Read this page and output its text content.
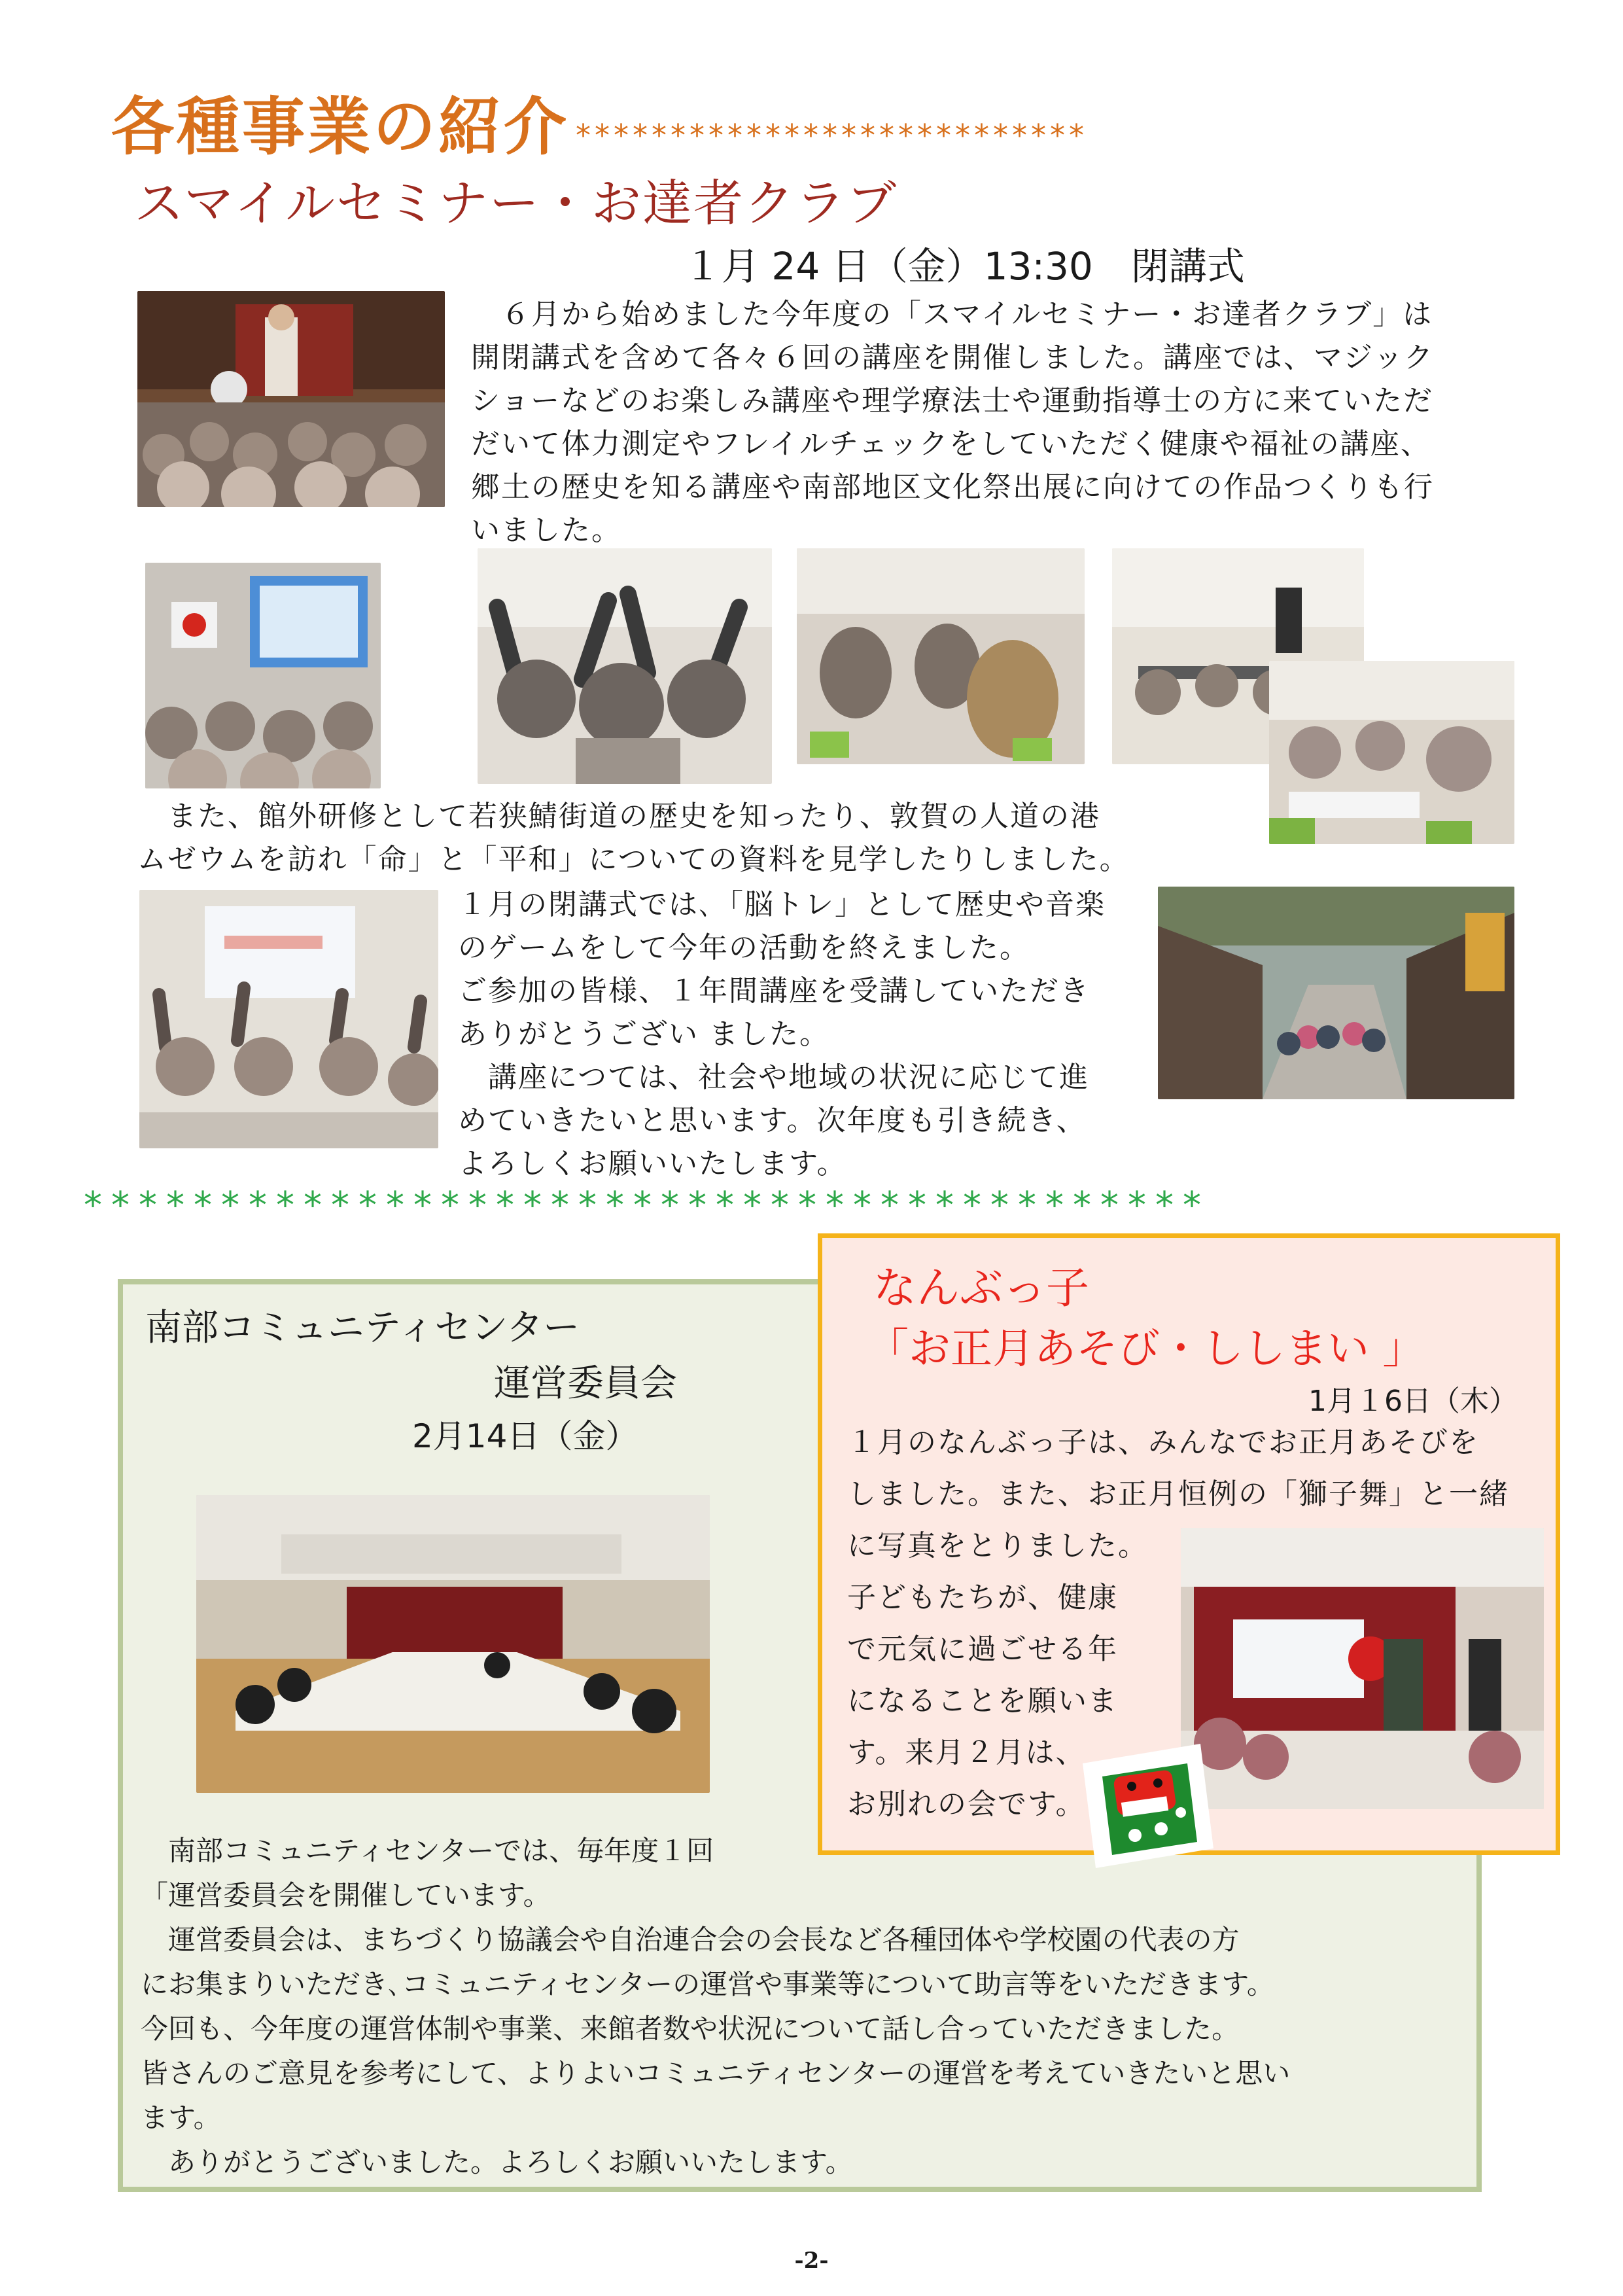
各種事業の紹介 ***************************
スマイルセミナー・お達者クラブ
１月 24 日（金）13:30　閉講式
　６月から始めました今年度の「スマイルセミナー・お達者クラブ」は
開閉講式を含めて各々６回の講座を開催しました。講座では、マジック
ショーなどのお楽しみ講座や理学療法士や運動指導士の方に来ていただ
だいて体力測定やフレイルチェックをしていただく健康や福祉の講座、
郷土の歴史を知る講座や南部地区文化祭出展に向けての作品つくりも行
いました。
　また、館外研修として若狭鯖街道の歴史を知ったり、敦賀の人道の港
ムゼウムを訪れ「命」と「平和」についての資料を見学したりしました。
１月の閉講式では､「脳トレ」として歴史や音楽
のゲームをして今年の活動を終えました。
ご参加の皆様、１年間講座を受講していただき
ありがとうござい ました。
　講座につては、社会や地域の状況に応じて進
めていきたいと思います。次年度も引き続き、
よろしくお願いいたします。
*****************************************
南部コミュニティセンター
運営委員会
2月14日（金）
　南部コミュニティセンターでは、毎年度１回
「運営委員会を開催しています。
　運営委員会は、まちづくり協議会や自治連合会の会長など各種団体や学校園の代表の方
にお集まりいただき､コミュニティセンターの運営や事業等について助言等をいただきます。
今回も、今年度の運営体制や事業、来館者数や状況について話し合っていただきました。
皆さんのご意見を参考にして、よりよいコミュニティセンターの運営を考えていきたいと思い
ます。
　ありがとうございました。よろしくお願いいたします。
なんぶっ子
「お正月あそび・ししまい 」
1月１6日（木）
１月のなんぶっ子は、みんなでお正月あそびを
しました。また、お正月恒例の「獅子舞」と一緒
に写真をとりました。
子どもたちが、健康
で元気に過ごせる年
になることを願いま
す。来月２月は、
お別れの会です。
-2-
